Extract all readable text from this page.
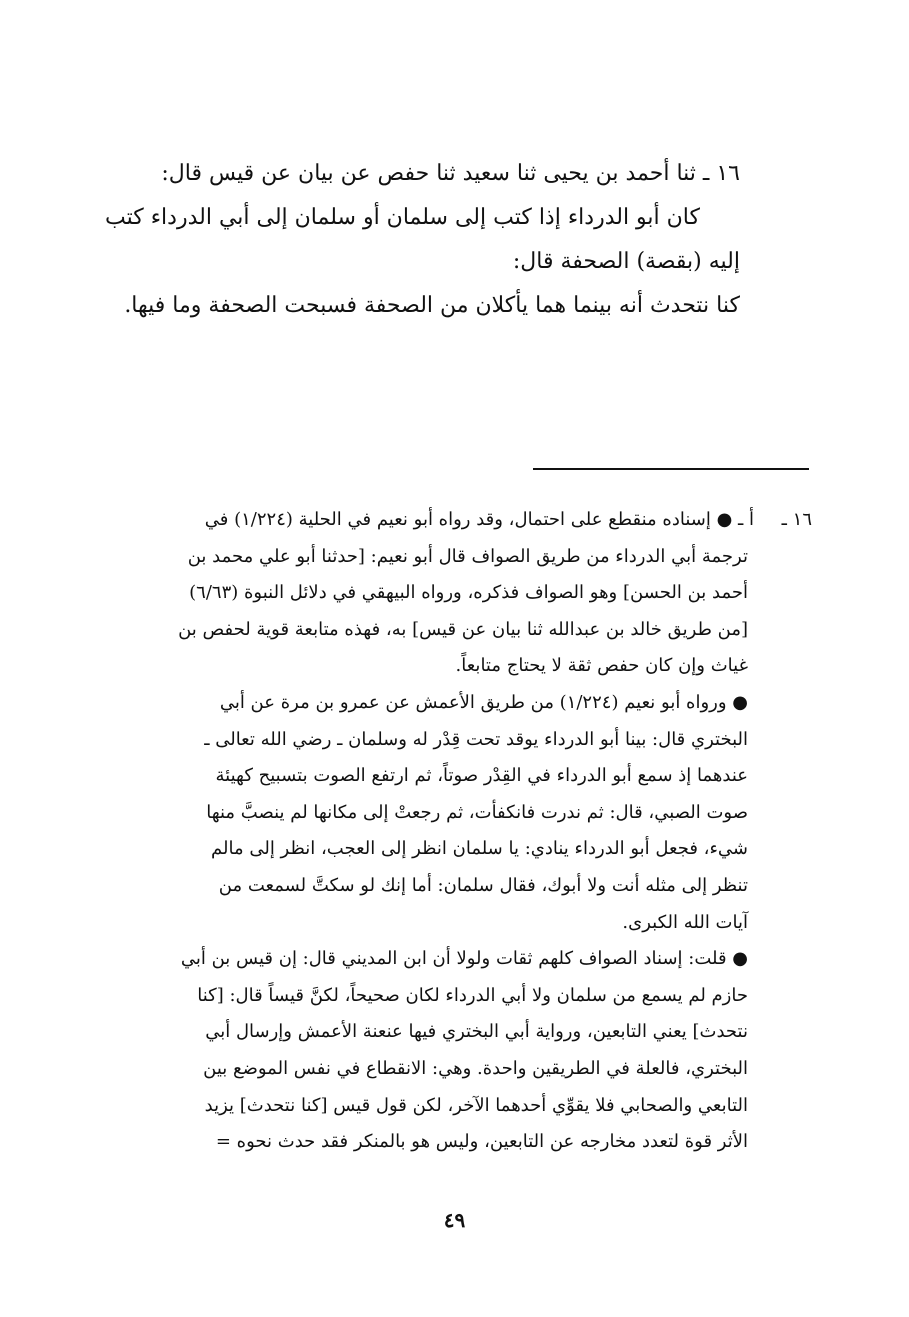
١٦ ـ ثنا أحمد بن يحيى ثنا سعيد ثنا حفص عن بيان عن قيس قال:
كان أبو الدرداء إذا كتب إلى سلمان أو سلمان إلى أبي الدرداء كتب
إليه (بقصة) الصحفة قال:
كنا نتحدث أنه بينما هما يأكلان من الصحفة فسبحت الصحفة وما فيها.
١٦ ـأ ـ ● إسناده منقطع على احتمال، وقد رواه أبو نعيم في الحلية (١/٢٢٤) في
ترجمة أبي الدرداء من طريق الصواف قال أبو نعيم: [حدثنا أبو علي محمد بن
أحمد بن الحسن] وهو الصواف فذكره، ورواه البيهقي في دلائل النبوة (٦/٦٣)
[من طريق خالد بن عبدالله ثنا بيان عن قيس] به، فهذه متابعة قوية لحفص بن
غياث وإن كان حفص ثقة لا يحتاج متابعاً.
● ورواه أبو نعيم (١/٢٢٤) من طريق الأعمش عن عمرو بن مرة عن أبي
البختري قال: بينا أبو الدرداء يوقد تحت قِدْر له وسلمان ـ رضي الله تعالى ـ
عندهما إذ سمع أبو الدرداء في القِدْر صوتاً، ثم ارتفع الصوت بتسبيح كهيئة
صوت الصبي، قال: ثم ندرت فانكفأت، ثم رجعتْ إلى مكانها لم ينصبَّ منها
شيء، فجعل أبو الدرداء ينادي: يا سلمان انظر إلى العجب، انظر إلى مالم
تنظر إلى مثله أنت ولا أبوك، فقال سلمان: أما إنك لو سكتَّ لسمعت من
آيات الله الكبرى.
● قلت: إسناد الصواف كلهم ثقات ولولا أن ابن المديني قال: إن قيس بن أبي
حازم لم يسمع من سلمان ولا أبي الدرداء لكان صحيحاً، لكنَّ قيساً قال: [كنا
نتحدث] يعني التابعين، ورواية أبي البختري فيها عنعنة الأعمش وإرسال أبي
البختري، فالعلة في الطريقين واحدة. وهي: الانقطاع في نفس الموضع بين
التابعي والصحابي فلا يقوِّي أحدهما الآخر، لكن قول قيس [كنا نتحدث] يزيد
الأثر قوة لتعدد مخارجه عن التابعين، وليس هو بالمنكر فقد حدث نحوه =
٤٩
